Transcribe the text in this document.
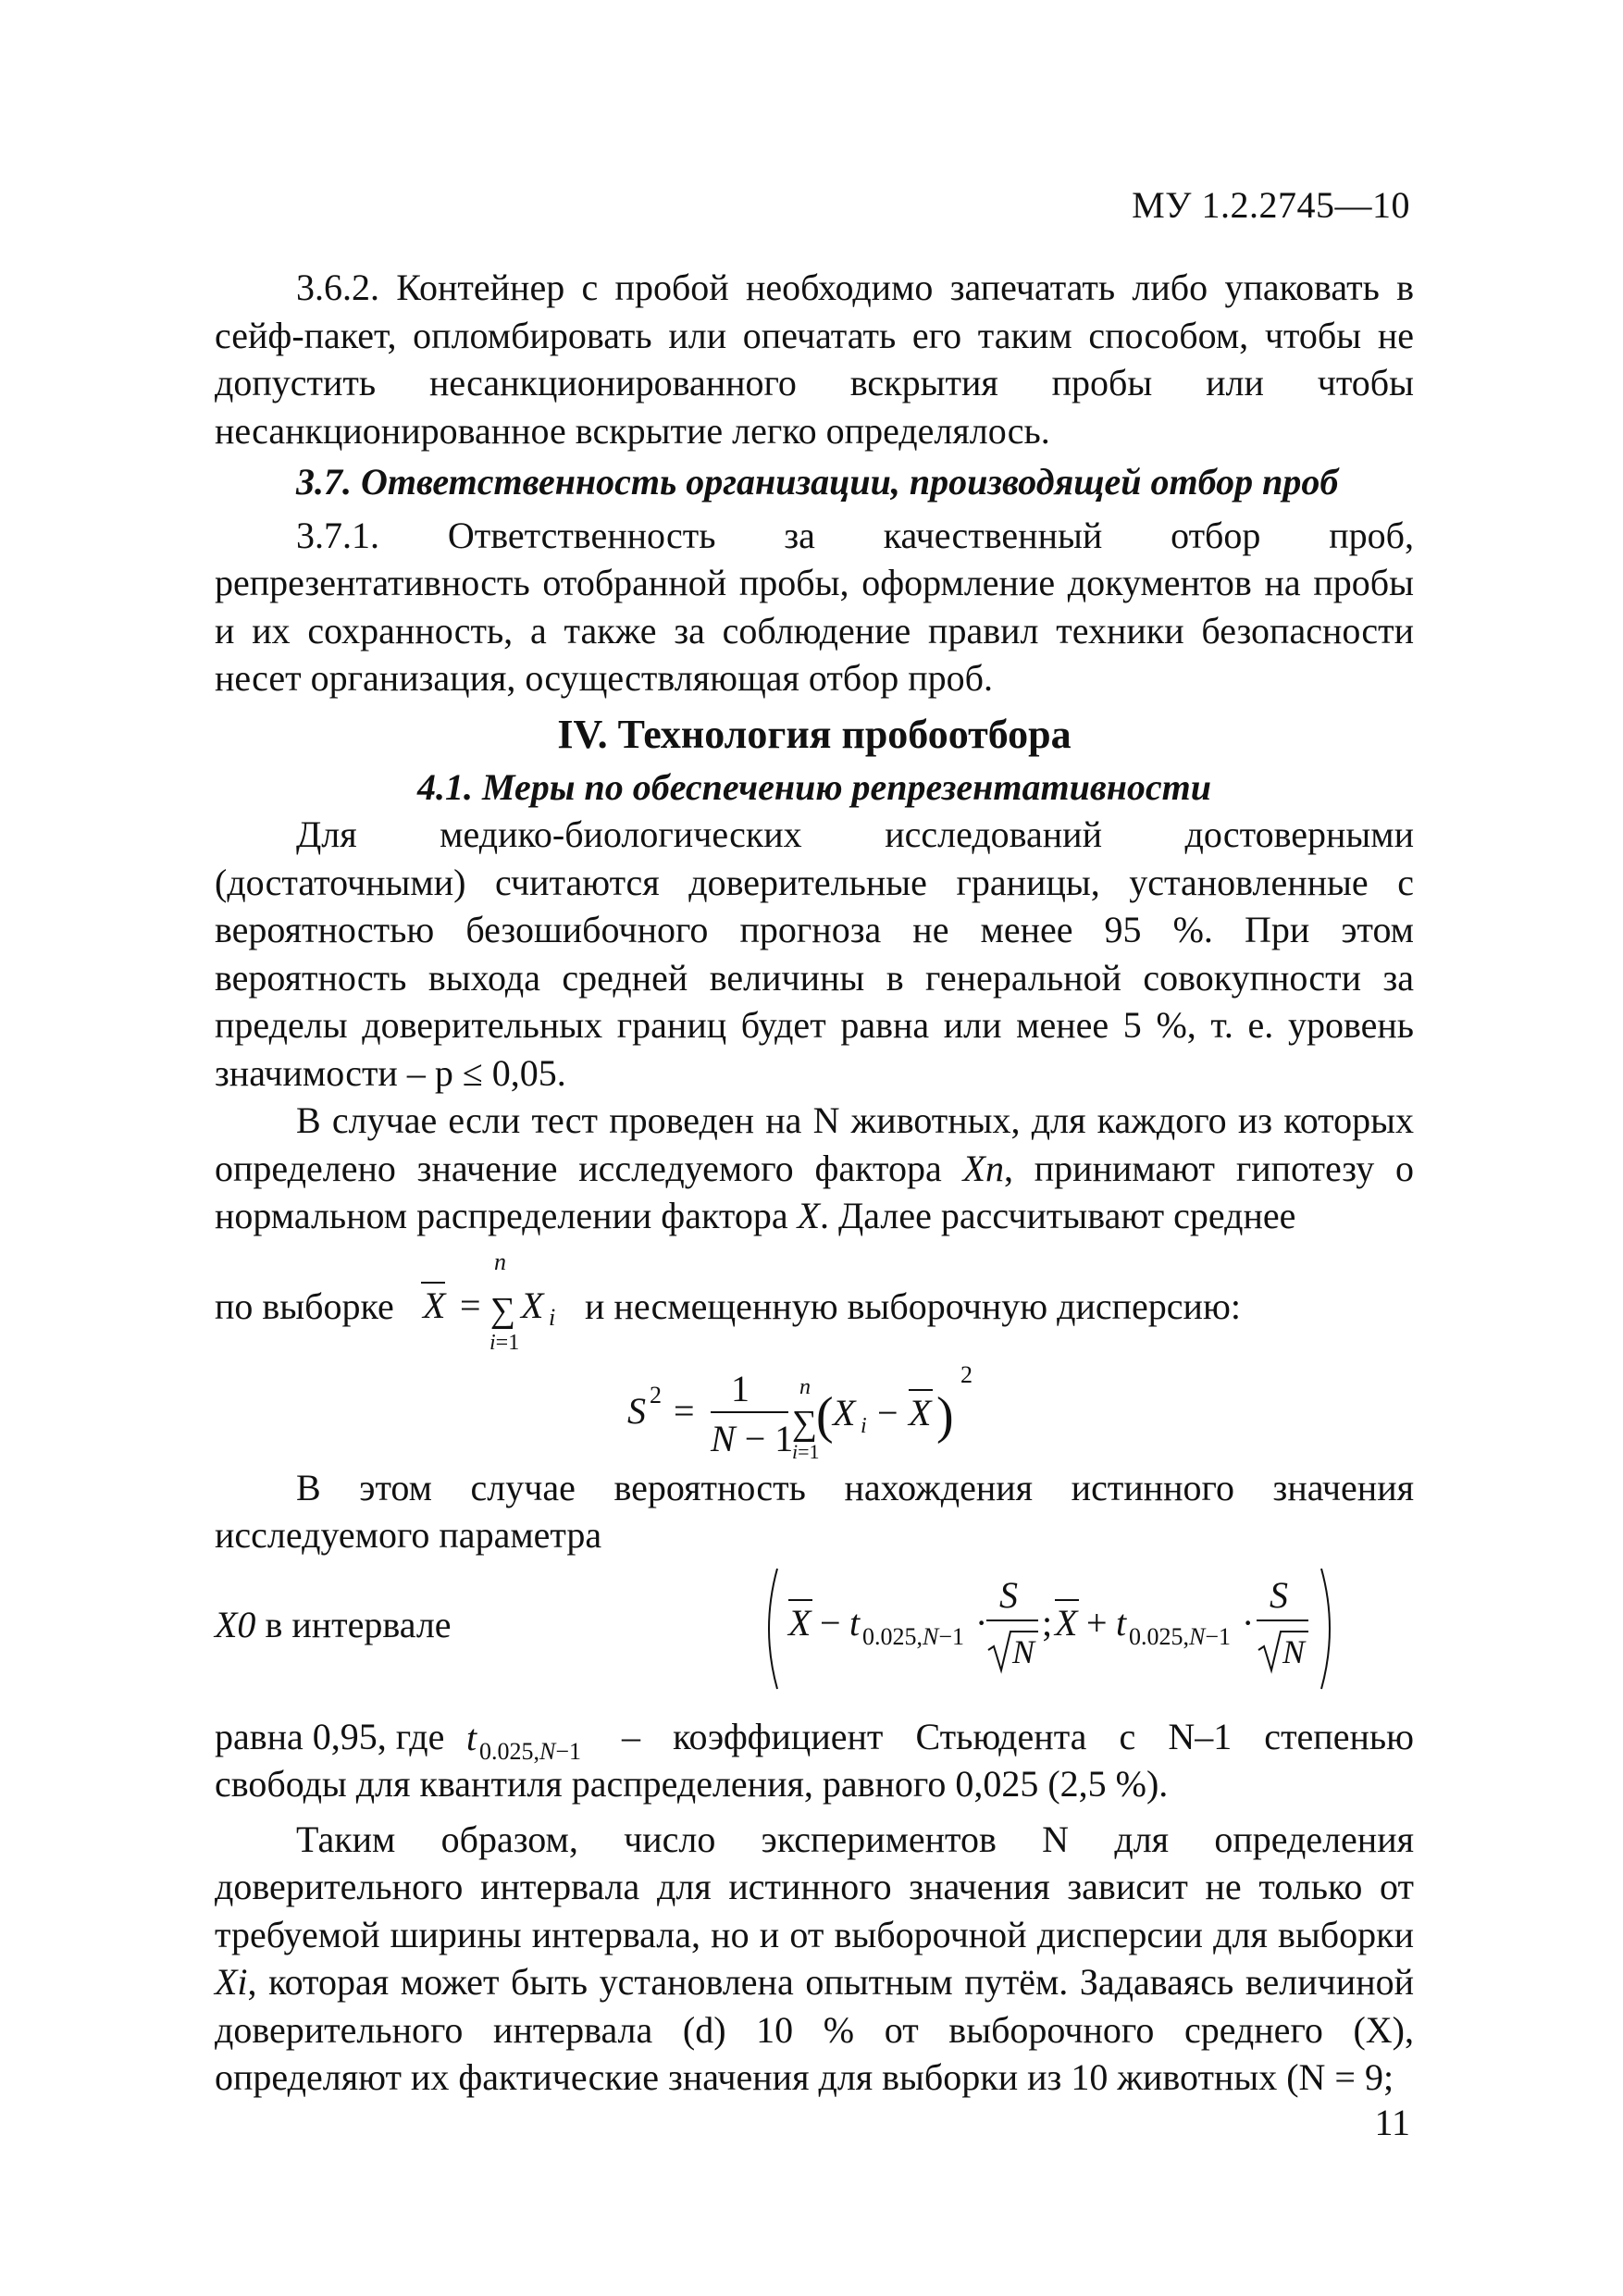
МУ 1.2.2745—10

3.6.2. Контейнер с пробой необходимо запечатать либо упаковать в сейф-пакет, опломбировать или опечатать его таким способом, чтобы не допустить несанкционированного вскрытия пробы или чтобы несанкционированное вскрытие легко определялось.

3.7. Ответственность организации, производящей отбор проб

3.7.1. Ответственность за качественный отбор проб, репрезентативность отобранной пробы, оформление документов на пробы и их сохранность, а также за соблюдение правил техники безопасности несет организация, осуществляющая отбор проб.

IV. Технология пробоотбора

4.1. Меры по обеспечению репрезентативности

Для медико-биологических исследований достоверными (достаточными) считаются доверительные границы, установленные с вероятностью безошибочного прогноза не менее 95 %. При этом вероятность выхода средней величины в генеральной совокупности за пределы доверительных границ будет равна или менее 5 %, т. е. уровень значимости – p ≤ 0,05.

В случае если тест проведен на N животных, для каждого из которых определено значение исследуемого фактора Xn, принимают гипотезу о нормальном распределении фактора X. Далее рассчитывают среднее

по выборке X =
n
∑
i=1
X i и несмещенную выборочную дисперсию:
S 2 =
1
N − 1
n
∑
i=1
( X i − X )
2

В этом случае вероятность нахождения истинного значения исследуемого параметра

X0 в интервале	X − t 0.025,N−1 ·
S
N
; X + t 0.025,N−1 ·
S
N
равна 0,95, где t 0.025,N−1	– коэффициент Стьюдента с N–1 степенью свободы для квантиля распределения, равного 0,025 (2,5 %).

Таким образом, число экспериментов N для определения доверительного интервала для истинного значения зависит не только от требуемой ширины интервала, но и от выборочной дисперсии для выборки Xi, которая может быть установлена опытным путём. Задаваясь величиной доверительного интервала (d) 10 % от выборочного среднего (X), определяют их фактические значения для выборки из 10 животных (N = 9;

11
